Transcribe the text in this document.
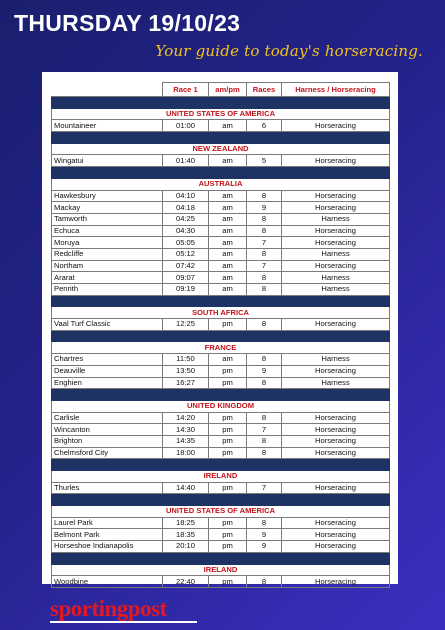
THURSDAY 19/10/23
Your guide to today's horseracing.
	Race 1	am/pm	Races	Harness / Horseracing

UNITED STATES OF AMERICA				
Mountaineer	01:00	am	6	Horseracing

NEW ZEALAND				
Wingatui	01:40	am	5	Horseracing

AUSTRALIA				
Hawkesbury	04:10	am	8	Horseracing
Mackay	04:18	am	9	Horseracing
Tamworth	04:25	am	8	Harness
Echuca	04:30	am	8	Horseracing
Moruya	05:05	am	7	Horseracing
Redcliffe	05:12	am	8	Harness
Northam	07:42	am	7	Horseracing
Ararat	09:07	am	8	Harness
Penrith	09:19	am	8	Harness

SOUTH AFRICA				
Vaal Turf Classic	12:25	pm	8	Horseracing

FRANCE				
Chartres	11:50	am	8	Harness
Deauville	13:50	pm	9	Horseracing
Enghien	16:27	pm	8	Harness

UNITED KINGDOM				
Carlisle	14:20	pm	8	Horseracing
Wincanton	14:30	pm	7	Horseracing
Brighton	14:35	pm	8	Horseracing
Chelmsford City	18:00	pm	8	Horseracing

IRELAND				
Thurles	14:40	pm	7	Horseracing

UNITED STATES OF AMERICA				
Laurel Park	18:25	pm	8	Horseracing
Belmont Park	18:35	pm	9	Horseracing
Horseshoe Indianapolis	20:10	pm	9	Horseracing

IRELAND				
Woodbine	22:40	pm	8	Horseracing
sportingpost
